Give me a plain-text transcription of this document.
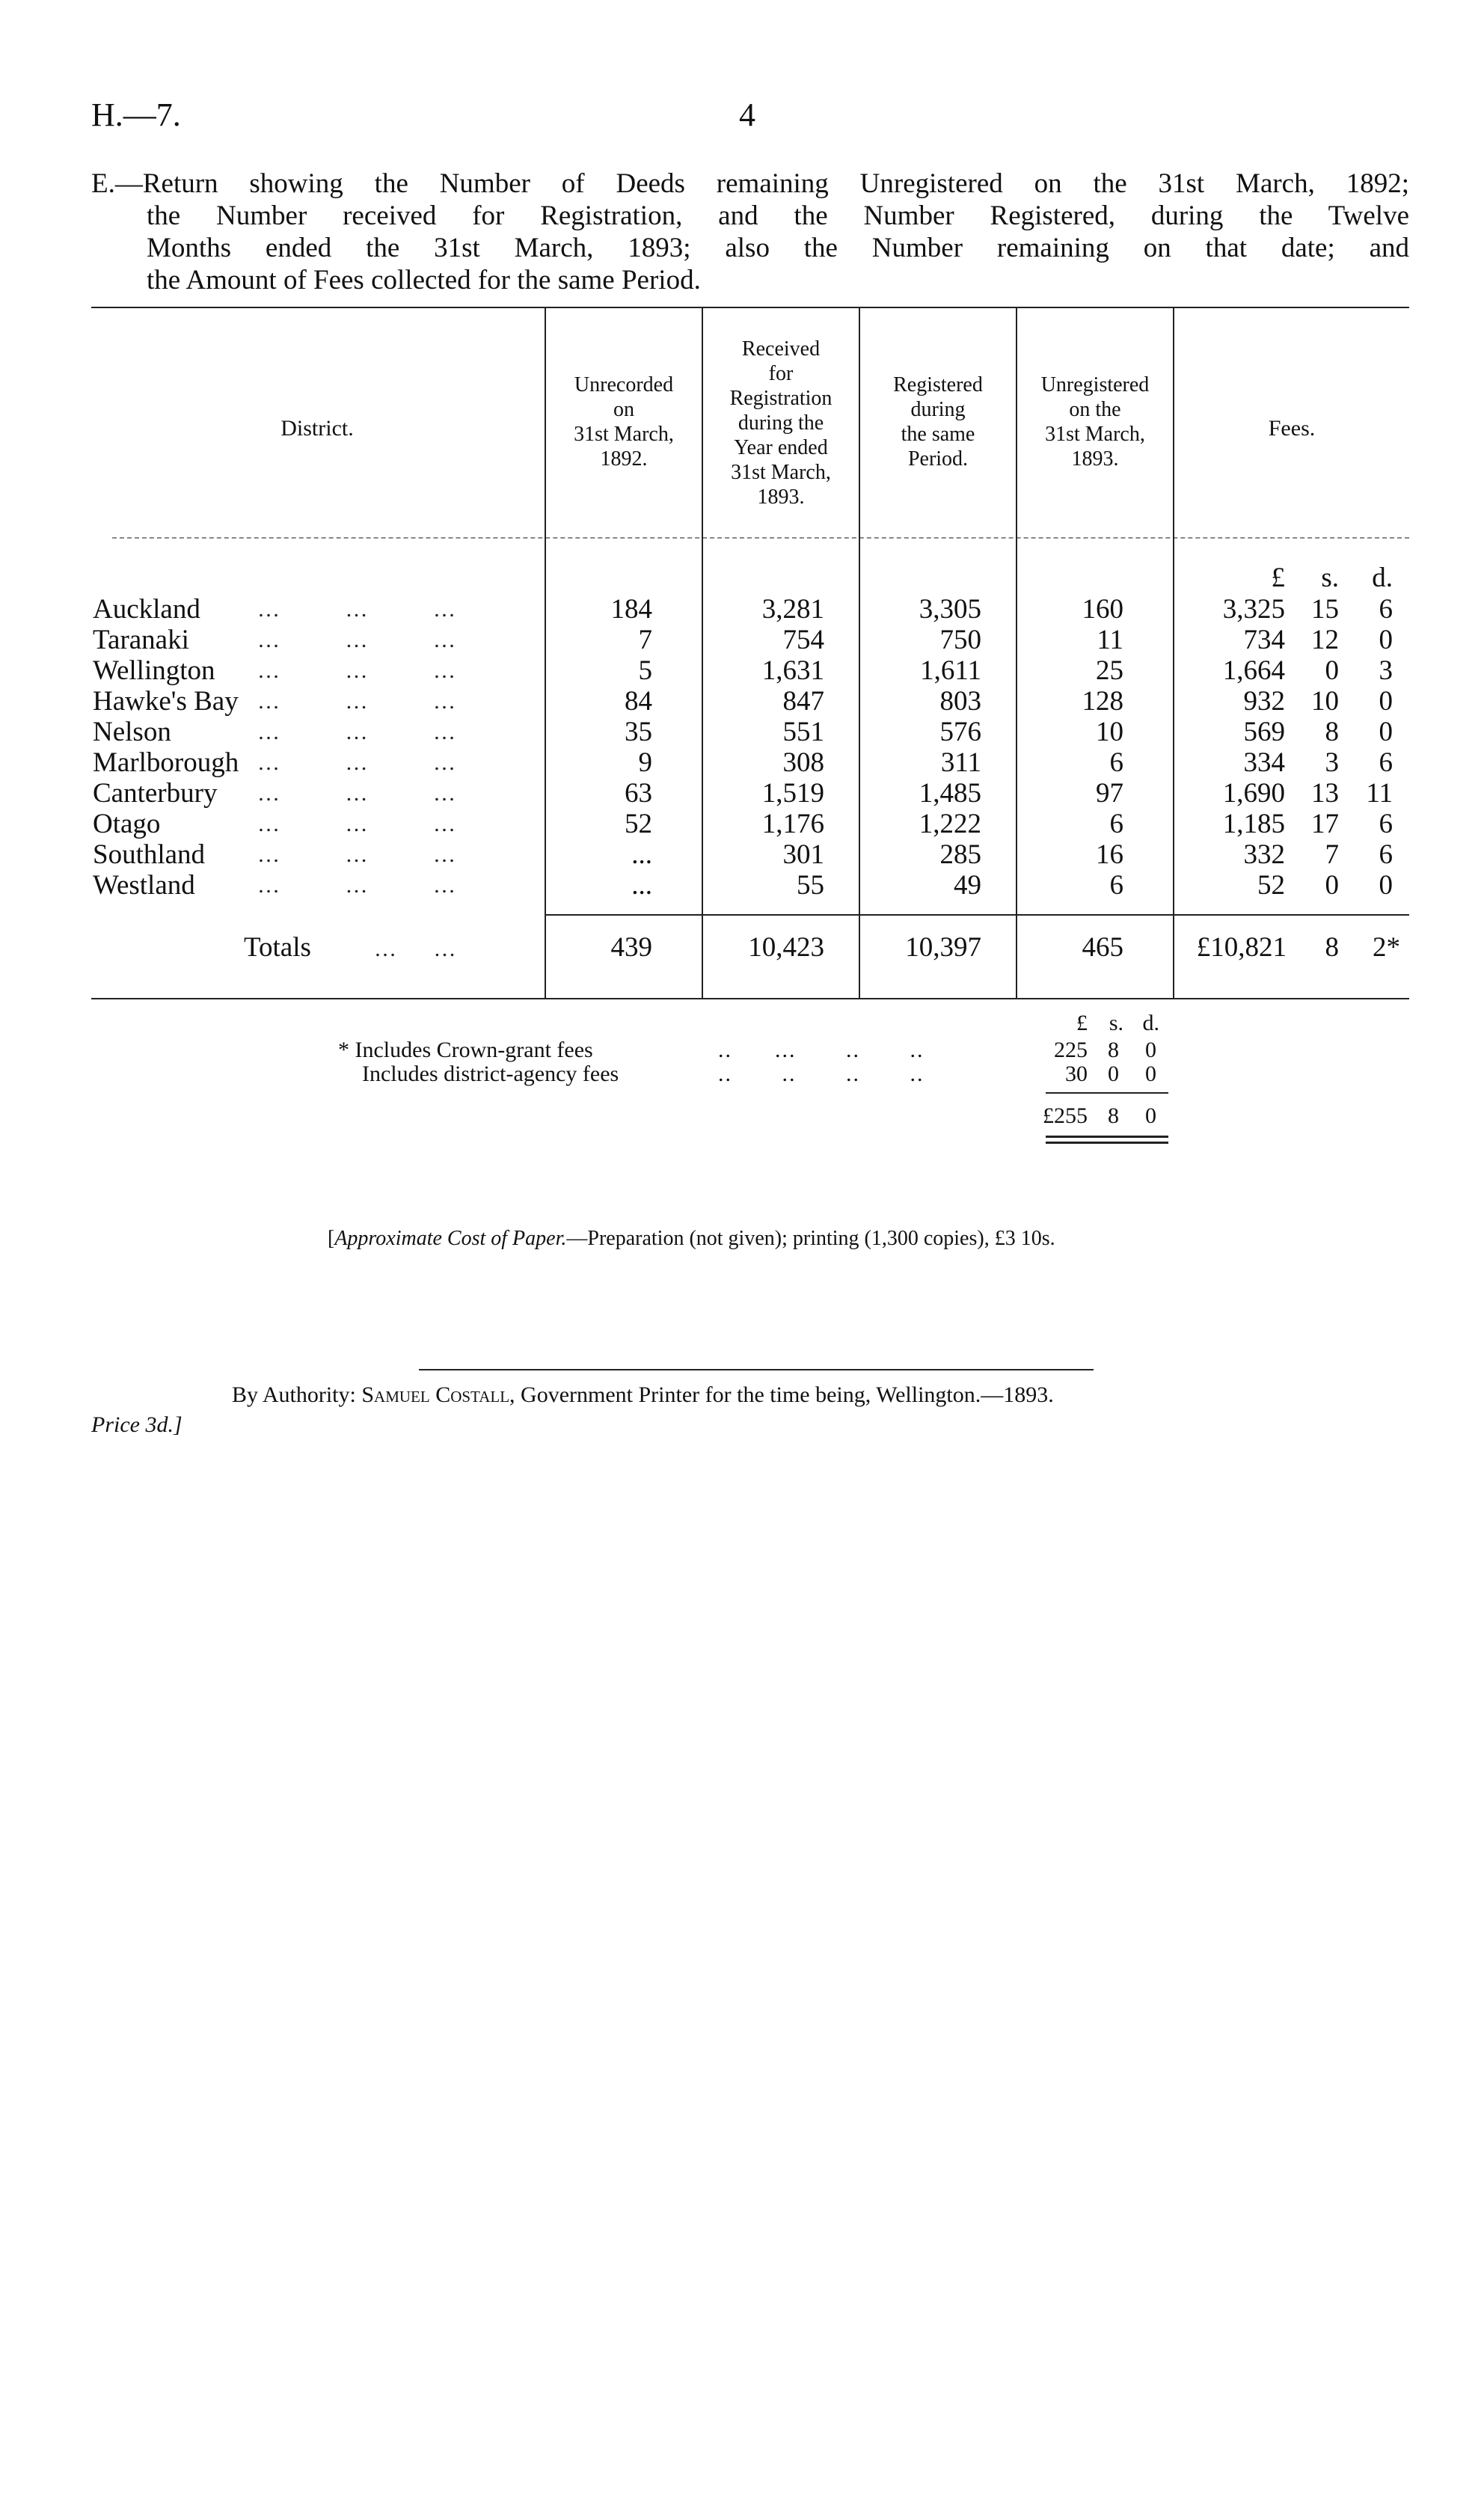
H.—7.	4
E.—Return showing the Number of Deeds remaining Unregistered on the 31st March, 1892;
the Number received for Registration, and the Number Registered, during the Twelve
Months ended the 31st March, 1893; also the Number remaining on that date; and
the Amount of Fees collected for the same Period.
District.
Unrecorded
on
31st March,
1892.
Received
for
Registration
during the
Year ended
31st March,
1893.
Registered
during
the same
Period.
Unregistered
on the
31st March,
1893.
Fees.
£	s.	d.
Auckland	…         …         …	184	3,281	3,305	160	3,325 15	6
Taranaki	…         …         …	7	754	750	11	734 12	0
Wellington …         …         …	5	1,631	1,611	25	1,664	0	3
Hawke's Bay …         …         …	84	847	803	128	932 10	0
Nelson	…         …         …	35	551	576	10	569	8	0
Marlborough …         …         …	9	308	311	6	334	3	6
Canterbury …         …         …	63	1,519	1,485	97	1,690 13 11
Otago	…         …         …	52	1,176	1,222	6	1,185 17	6
Southland …         …         …	...	301	285	16	332	7	6
Westland	…         …         …	...	55	49	6	52	0	0
Totals	…     …	439	10,423	10,397	465	£10,821	8	2*
£ s. d.
* Includes Crown-grant fees	..      ...       ..       ..	225 8	0
Includes district-agency fees	..       ..       ..       ..	30 0	0
£255 8	0
[Approximate Cost of Paper.—Preparation (not given); printing (1,300 copies), £3 10s.
By Authority: Samuel Costall, Government Printer for the time being, Wellington.—1893.
Price 3d.]
